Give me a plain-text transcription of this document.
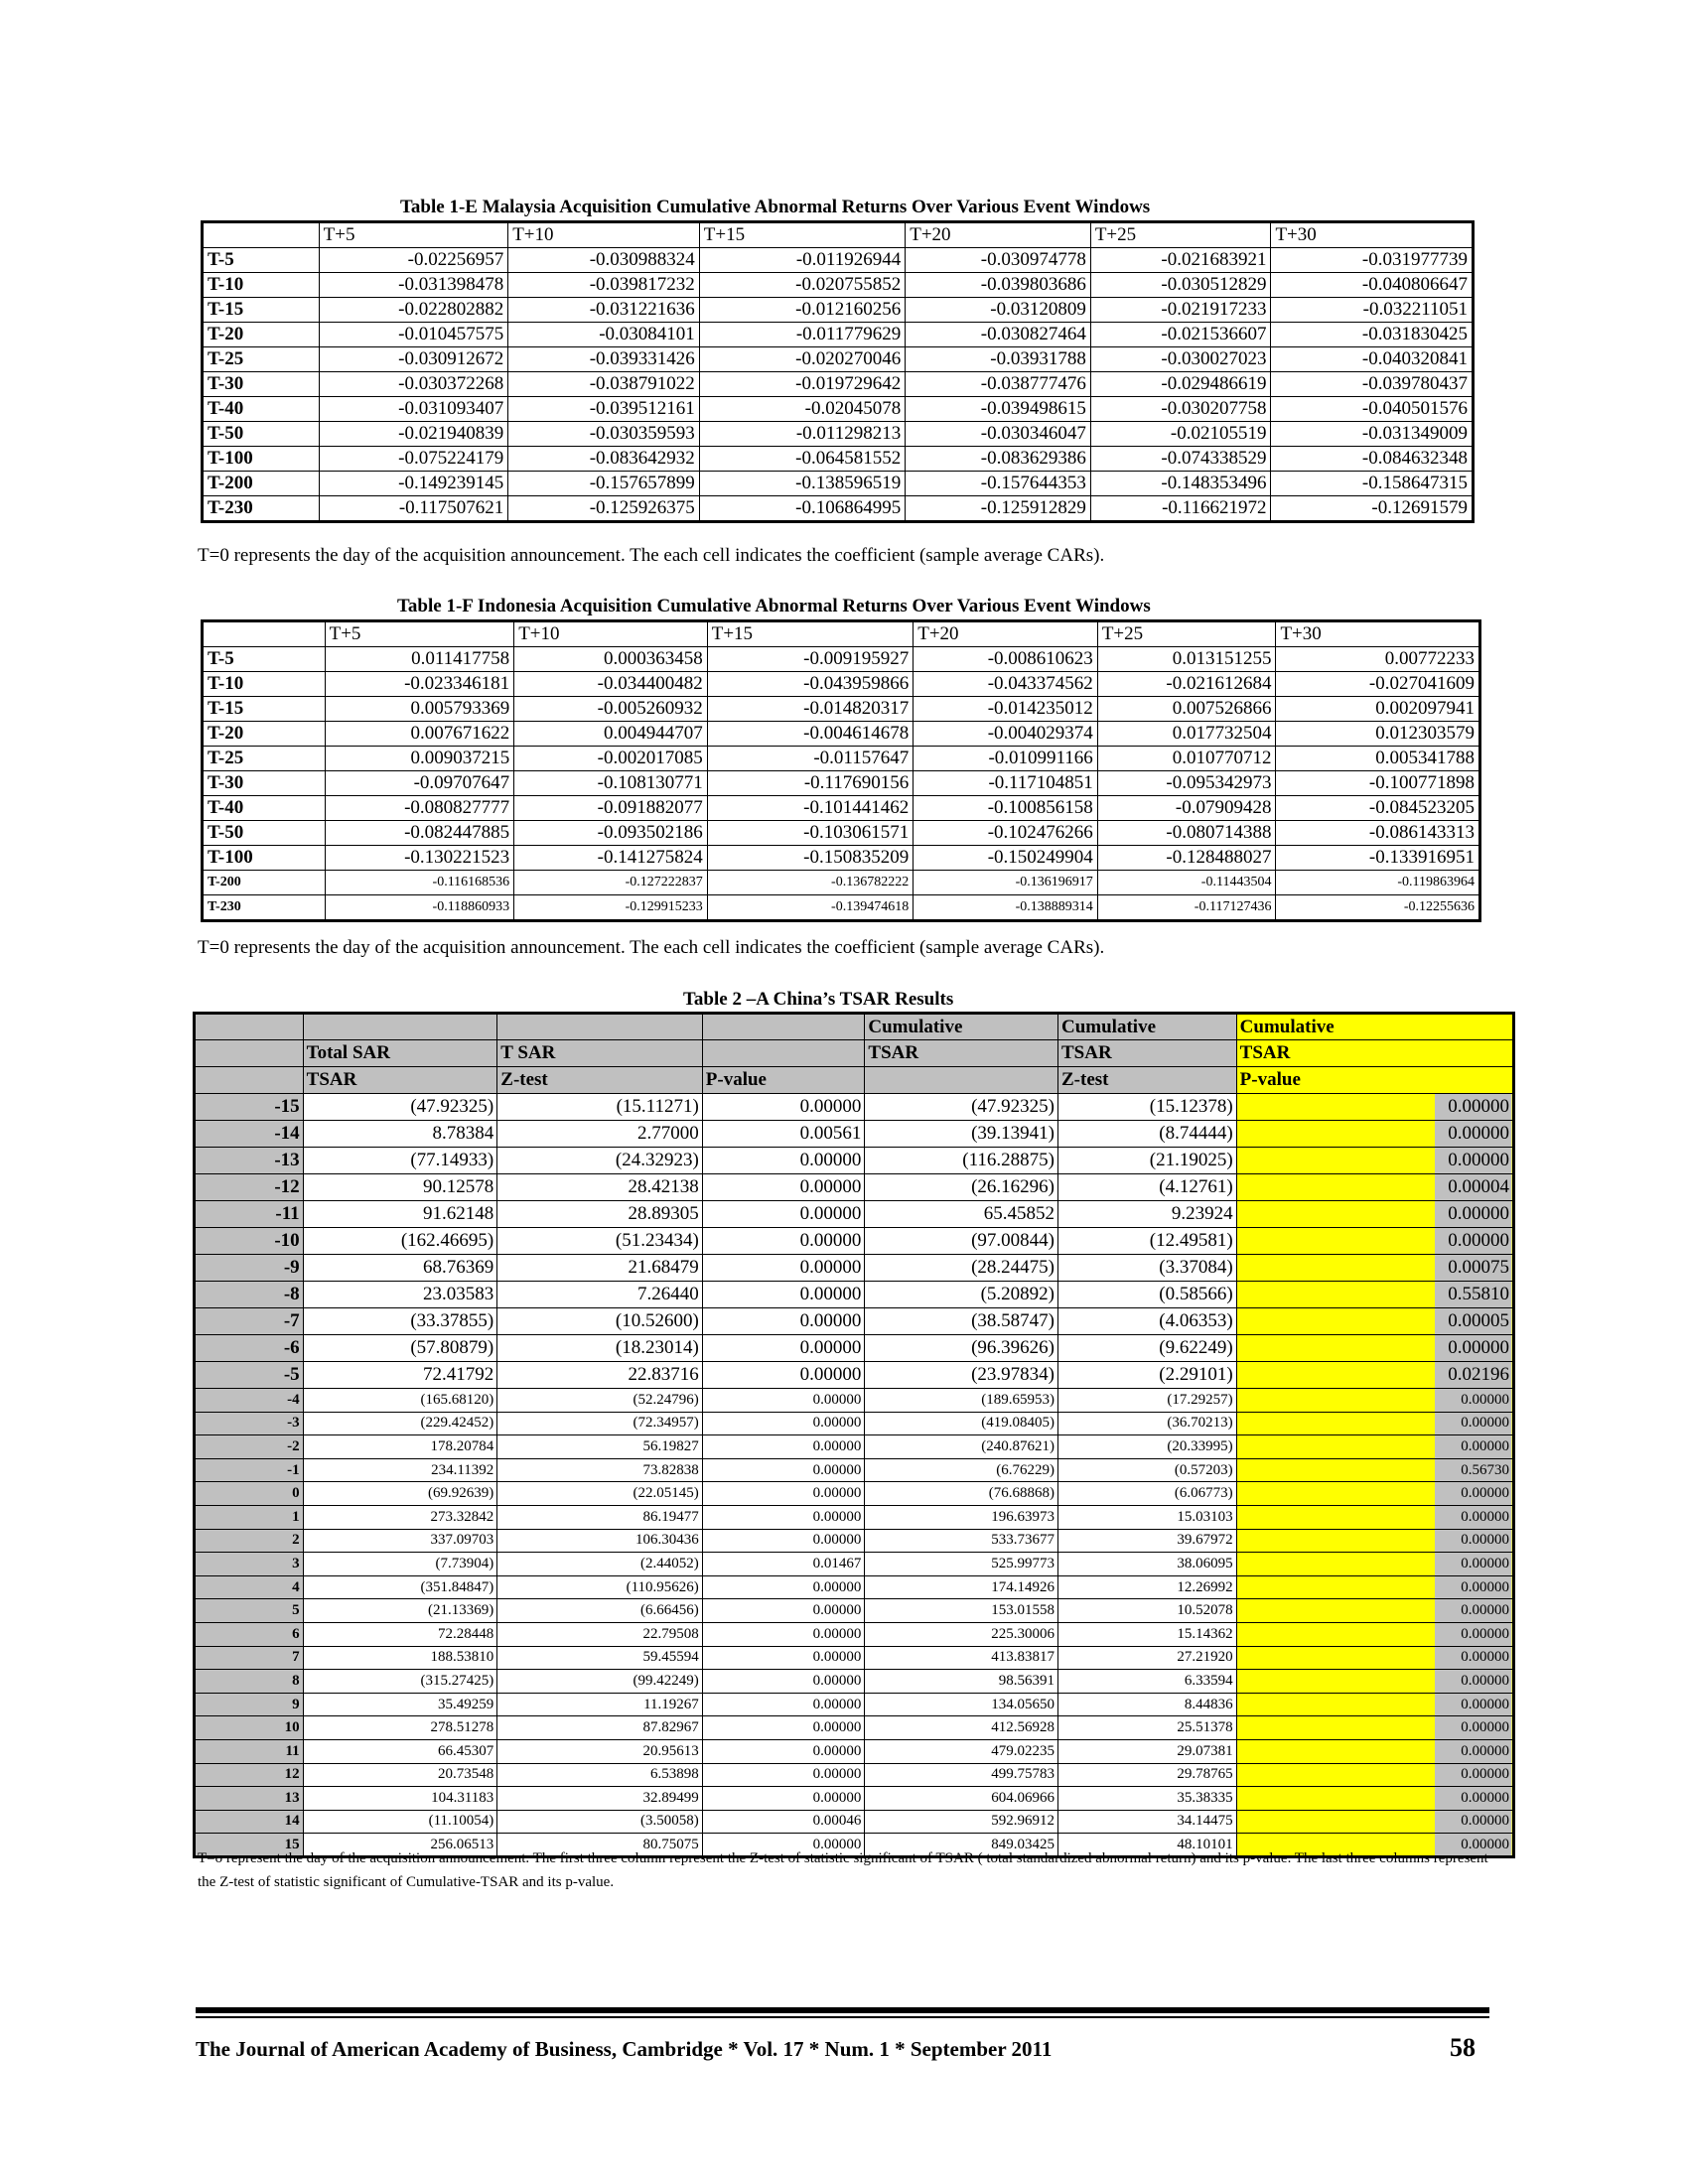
Table 1-E Malaysia Acquisition Cumulative Abnormal Returns Over Various Event Windows
	T+5	T+10	T+15	T+20	T+25	T+30
T-5	-0.02256957	-0.030988324	-0.011926944	-0.030974778	-0.021683921	-0.031977739
T-10	-0.031398478	-0.039817232	-0.020755852	-0.039803686	-0.030512829	-0.040806647
T-15	-0.022802882	-0.031221636	-0.012160256	-0.03120809	-0.021917233	-0.032211051
T-20	-0.010457575	-0.03084101	-0.011779629	-0.030827464	-0.021536607	-0.031830425
T-25	-0.030912672	-0.039331426	-0.020270046	-0.03931788	-0.030027023	-0.040320841
T-30	-0.030372268	-0.038791022	-0.019729642	-0.038777476	-0.029486619	-0.039780437
T-40	-0.031093407	-0.039512161	-0.02045078	-0.039498615	-0.030207758	-0.040501576
T-50	-0.021940839	-0.030359593	-0.011298213	-0.030346047	-0.02105519	-0.031349009
T-100	-0.075224179	-0.083642932	-0.064581552	-0.083629386	-0.074338529	-0.084632348
T-200	-0.149239145	-0.157657899	-0.138596519	-0.157644353	-0.148353496	-0.158647315
T-230	-0.117507621	-0.125926375	-0.106864995	-0.125912829	-0.116621972	-0.12691579
T=0 represents the day of the acquisition announcement. The each cell indicates the coefficient (sample average CARs).
Table 1-F Indonesia Acquisition Cumulative Abnormal Returns Over Various Event Windows
	T+5	T+10	T+15	T+20	T+25	T+30
T-5	0.011417758	0.000363458	-0.009195927	-0.008610623	0.013151255	0.00772233
T-10	-0.023346181	-0.034400482	-0.043959866	-0.043374562	-0.021612684	-0.027041609
T-15	0.005793369	-0.005260932	-0.014820317	-0.014235012	0.007526866	0.002097941
T-20	0.007671622	0.004944707	-0.004614678	-0.004029374	0.017732504	0.012303579
T-25	0.009037215	-0.002017085	-0.01157647	-0.010991166	0.010770712	0.005341788
T-30	-0.09707647	-0.108130771	-0.117690156	-0.117104851	-0.095342973	-0.100771898
T-40	-0.080827777	-0.091882077	-0.101441462	-0.100856158	-0.07909428	-0.084523205
T-50	-0.082447885	-0.093502186	-0.103061571	-0.102476266	-0.080714388	-0.086143313
T-100	-0.130221523	-0.141275824	-0.150835209	-0.150249904	-0.128488027	-0.133916951
T-200	-0.116168536	-0.127222837	-0.136782222	-0.136196917	-0.11443504	-0.119863964
T-230	-0.118860933	-0.129915233	-0.139474618	-0.138889314	-0.117127436	-0.12255636
T=0 represents the day of the acquisition announcement. The each cell indicates the coefficient (sample average CARs).
Table 2 –A China’s TSAR Results
				Cumulative	Cumulative	Cumulative
	Total SAR	T SAR		TSAR	TSAR	TSAR
	TSAR	Z-test	P-value		Z-test	P-value
-15	(47.92325)	(15.11271)	0.00000	(47.92325)	(15.12378)	0.00000
-14	8.78384	2.77000	0.00561	(39.13941)	(8.74444)	0.00000
-13	(77.14933)	(24.32923)	0.00000	(116.28875)	(21.19025)	0.00000
-12	90.12578	28.42138	0.00000	(26.16296)	(4.12761)	0.00004
-11	91.62148	28.89305	0.00000	65.45852	9.23924	0.00000
-10	(162.46695)	(51.23434)	0.00000	(97.00844)	(12.49581)	0.00000
-9	68.76369	21.68479	0.00000	(28.24475)	(3.37084)	0.00075
-8	23.03583	7.26440	0.00000	(5.20892)	(0.58566)	0.55810
-7	(33.37855)	(10.52600)	0.00000	(38.58747)	(4.06353)	0.00005
-6	(57.80879)	(18.23014)	0.00000	(96.39626)	(9.62249)	0.00000
-5	72.41792	22.83716	0.00000	(23.97834)	(2.29101)	0.02196
-4	(165.68120)	(52.24796)	0.00000	(189.65953)	(17.29257)	0.00000
-3	(229.42452)	(72.34957)	0.00000	(419.08405)	(36.70213)	0.00000
-2	178.20784	56.19827	0.00000	(240.87621)	(20.33995)	0.00000
-1	234.11392	73.82838	0.00000	(6.76229)	(0.57203)	0.56730
0	(69.92639)	(22.05145)	0.00000	(76.68868)	(6.06773)	0.00000
1	273.32842	86.19477	0.00000	196.63973	15.03103	0.00000
2	337.09703	106.30436	0.00000	533.73677	39.67972	0.00000
3	(7.73904)	(2.44052)	0.01467	525.99773	38.06095	0.00000
4	(351.84847)	(110.95626)	0.00000	174.14926	12.26992	0.00000
5	(21.13369)	(6.66456)	0.00000	153.01558	10.52078	0.00000
6	72.28448	22.79508	0.00000	225.30006	15.14362	0.00000
7	188.53810	59.45594	0.00000	413.83817	27.21920	0.00000
8	(315.27425)	(99.42249)	0.00000	98.56391	6.33594	0.00000
9	35.49259	11.19267	0.00000	134.05650	8.44836	0.00000
10	278.51278	87.82967	0.00000	412.56928	25.51378	0.00000
11	66.45307	20.95613	0.00000	479.02235	29.07381	0.00000
12	20.73548	6.53898	0.00000	499.75783	29.78765	0.00000
13	104.31183	32.89499	0.00000	604.06966	35.38335	0.00000
14	(11.10054)	(3.50058)	0.00046	592.96912	34.14475	0.00000
15	256.06513	80.75075	0.00000	849.03425	48.10101	0.00000
T=o represent the day of the acquisition announcement. The first three column represent the Z-test of statistic significant of TSAR ( total standardized abnormal return) and its p-value. The last three columns represent the Z-test of statistic significant of Cumulative-TSAR and its p-value.
The Journal of American Academy of Business, Cambridge * Vol. 17 * Num. 1 * September 2011	58
